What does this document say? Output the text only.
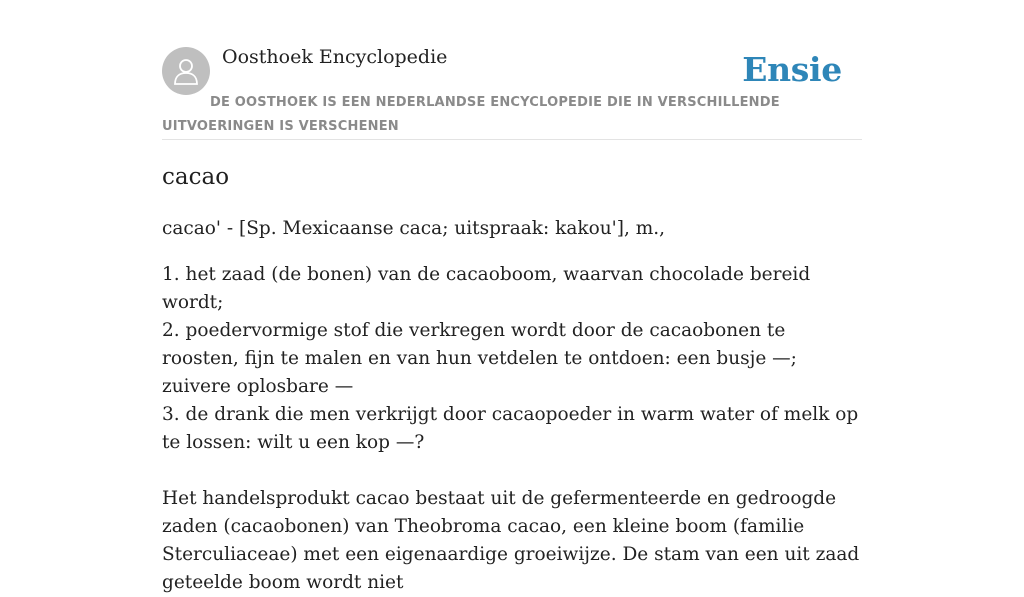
Oosthoek Encyclopedie	Ensie
DE OOSTHOEK IS EEN NEDERLANDSE ENCYCLOPEDIE DIE IN VERSCHILLENDE UITVOERINGEN IS VERSCHENEN
cacao

cacao' - [Sp. Mexicaanse caca; uitspraak: kakou'], m.,

1. het zaad (de bonen) van de cacaoboom, waarvan chocolade bereid wordt;
2. poedervormige stof die verkregen wordt door de cacaobonen te roosten, fijn te malen en van hun vetdelen te ontdoen: een busje —; zuivere oplosbare —
3. de drank die men verkrijgt door cacaopoeder in warm water of melk op te lossen: wilt u een kop —?

Het handelsprodukt cacao bestaat uit de gefermenteerde en gedroogde zaden (cacaobonen) van Theobroma cacao, een kleine boom (familie Sterculiaceae) met een eigenaardige groeiwijze. De stam van een uit zaad geteelde boom wordt niet
